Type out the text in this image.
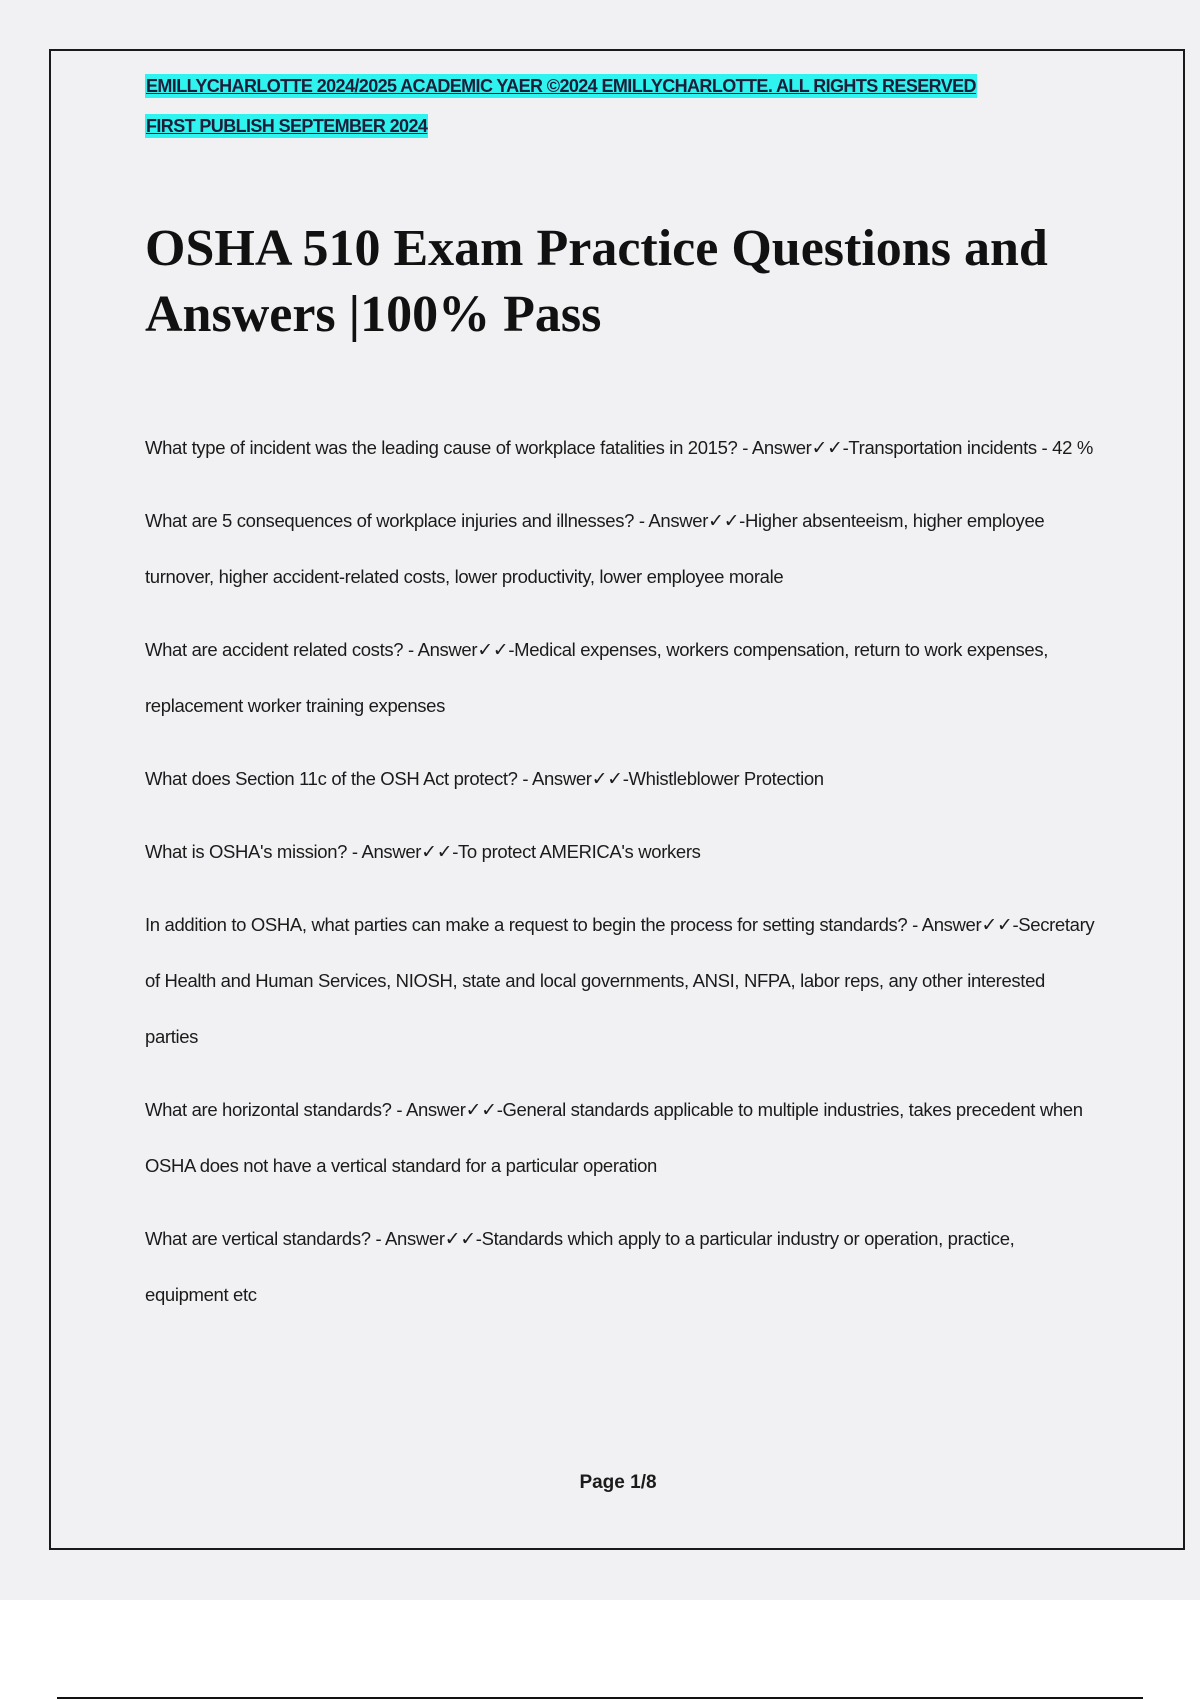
EMILLYCHARLOTTE 2024/2025 ACADEMIC YAER ©2024 EMILLYCHARLOTTE. ALL RIGHTS RESERVED
FIRST PUBLISH SEPTEMBER 2024
OSHA 510 Exam Practice Questions and Answers |100% Pass
What type of incident was the leading cause of workplace fatalities in 2015? - Answer✓✓-Transportation incidents - 42 %
What are 5 consequences of workplace injuries and illnesses? - Answer✓✓-Higher absenteeism, higher employee turnover, higher accident-related costs, lower productivity, lower employee morale
What are accident related costs? - Answer✓✓-Medical expenses, workers compensation, return to work expenses, replacement worker training expenses
What does Section 11c of the OSH Act protect? - Answer✓✓-Whistleblower Protection
What is OSHA's mission? - Answer✓✓-To protect AMERICA's workers
In addition to OSHA, what parties can make a request to begin the process for setting standards? - Answer✓✓-Secretary of Health and Human Services, NIOSH, state and local governments, ANSI, NFPA, labor reps, any other interested parties
What are horizontal standards? - Answer✓✓-General standards applicable to multiple industries, takes precedent when OSHA does not have a vertical standard for a particular operation
What are vertical standards? - Answer✓✓-Standards which apply to a particular industry or operation, practice, equipment etc
Page 1/8
